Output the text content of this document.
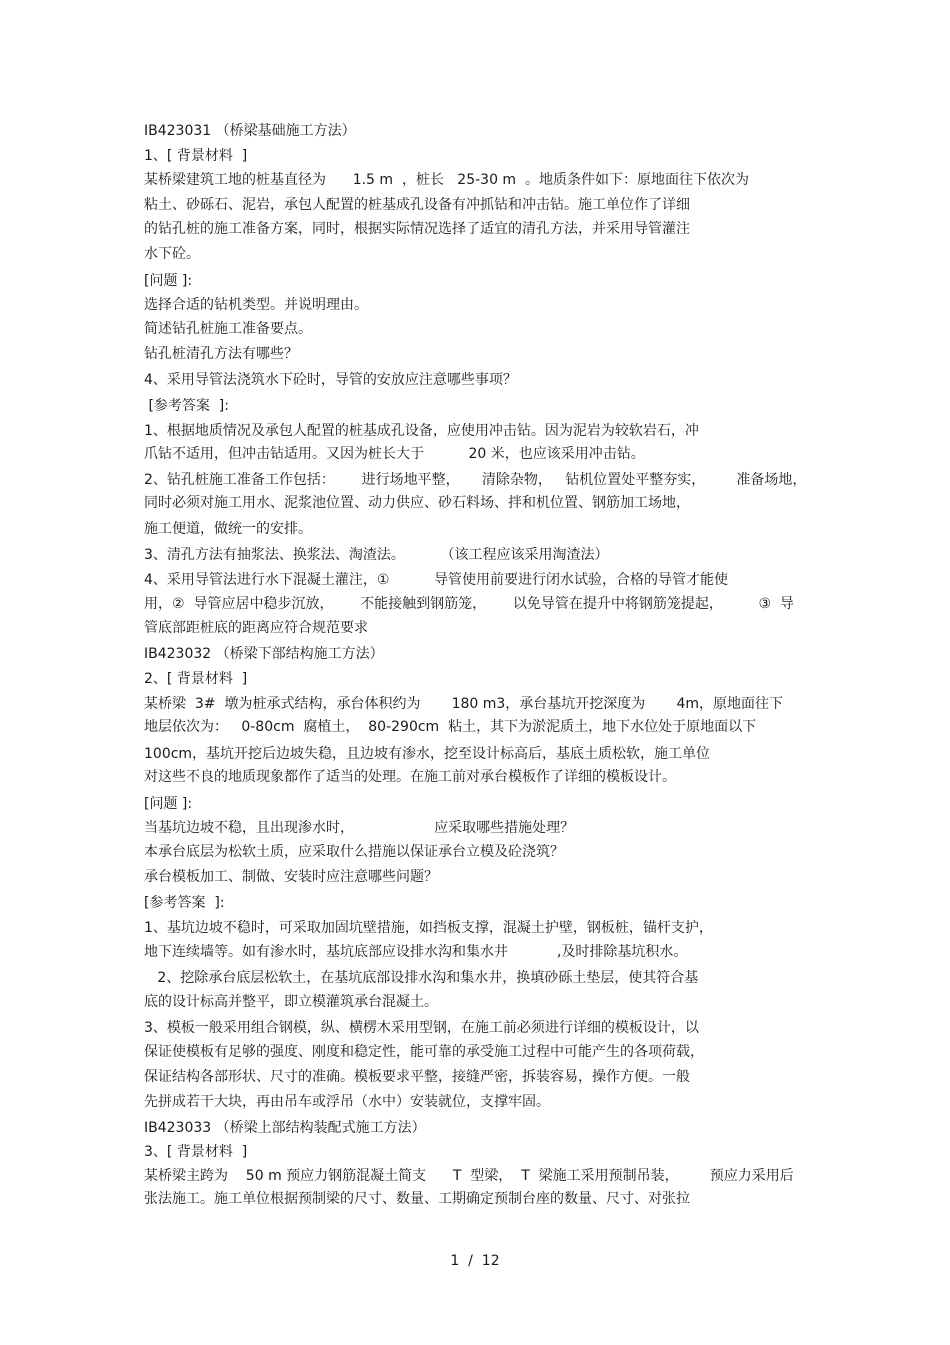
IB423031 （桥梁基础施工方法）
1、[ 背景材料  ]
某桥梁建筑工地的桩基直径为      1.5 m  ，桩长   25-30 m  。地质条件如下：原地面往下依次为
粘土、砂砾石、泥岩，承包人配置的桩基成孔设备有冲抓钻和冲击钻。施工单位作了详细
的钻孔桩的施工准备方案，同时，根据实际情况选择了适宜的清孔方法，并采用导管灌注
水下砼。
[问题 ]:
选择合适的钻机类型。并说明理由。
简述钻孔桩施工准备要点。
钻孔桩清孔方法有哪些？
4、采用导管法浇筑水下砼时，导管的安放应注意哪些事项？
[参考答案  ]:
1、根据地质情况及承包人配置的桩基成孔设备，应使用冲击钻。因为泥岩为较软岩石，冲
爪钻不适用，但冲击钻适用。又因为桩长大于          20 米，也应该采用冲击钻。
2、钻孔桩施工准备工作包括：      进行场地平整，     清除杂物，   钻机位置处平整夯实，       准备场地，
同时必须对施工用水、泥浆池位置、动力供应、砂石料场、拌和机位置、钢筋加工场地，
施工便道，做统一的安排。
3、清孔方法有抽浆法、换浆法、淘渣法。        （该工程应该采用淘渣法）
4、采用导管法进行水下混凝土灌注，①          导管使用前要进行闭水试验，合格的导管才能使
用，②  导管应居中稳步沉放，      不能接触到钢筋笼，      以免导管在提升中将钢筋笼提起，        ③  导
管底部距桩底的距离应符合规范要求
IB423032 （桥梁下部结构施工方法）
2、[ 背景材料  ]
某桥梁  3#  墩为桩承式结构，承台体积约为       180 m3，承台基坑开挖深度为       4m，原地面往下
地层依次为：   0-80cm  腐植土，  80-290cm  粘土，其下为淤泥质土，地下水位处于原地面以下
100cm，基坑开挖后边坡失稳，且边坡有渗水，挖至设计标高后，基底土质松软，施工单位
对这些不良的地质现象都作了适当的处理。在施工前对承台模板作了详细的模板设计。
[问题 ]:
当基坑边坡不稳，且出现渗水时，                  应采取哪些措施处理？
本承台底层为松软土质，应采取什么措施以保证承台立模及砼浇筑？
承台模板加工、制做、安装时应注意哪些问题？
[参考答案  ]:
1、基坑边坡不稳时，可采取加固坑壁措施，如挡板支撑，混凝土护壁，钢板桩，锚杆支护，
地下连续墙等。如有渗水时，基坑底部应设排水沟和集水井           ,及时排除基坑积水。
2、挖除承台底层松软土，在基坑底部设排水沟和集水井，换填砂砾土垫层，使其符合基
底的设计标高并整平，即立模灌筑承台混凝土。
3、模板一般采用组合钢模，纵、横楞木采用型钢，在施工前必须进行详细的模板设计，以
保证使模板有足够的强度、刚度和稳定性，能可靠的承受施工过程中可能产生的各项荷载，
保证结构各部形状、尺寸的准确。模板要求平整，接缝严密，拆装容易，操作方便。一般
先拼成若干大块，再由吊车或浮吊（水中）安装就位，支撑牢固。
IB423033 （桥梁上部结构装配式施工方法）
3、[ 背景材料  ]
某桥梁主跨为    50 m 预应力钢筋混凝土简支      T  型梁，  T  梁施工采用预制吊装，       预应力采用后
张法施工。施工单位根据预制梁的尺寸、数量、工期确定预制台座的数量、尺寸、对张拉
1  /  12
